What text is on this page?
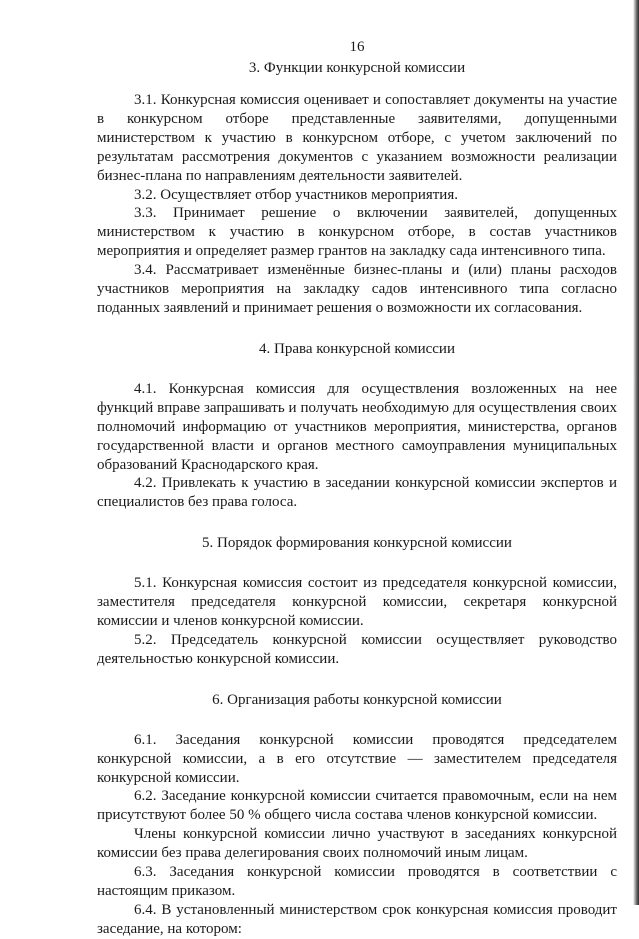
16
3. Функции конкурсной комиссии

3.1. Конкурсная комиссия оценивает и сопоставляет документы на участие в конкурсном отборе представленные заявителями, допущенными министерством к участию в конкурсном отборе, с учетом заключений по результатам рассмотрения документов с указанием возможности реализации бизнес-плана по направлениям деятельности заявителей.

3.2. Осуществляет отбор участников мероприятия.

3.3. Принимает решение о включении заявителей, допущенных министерством к участию в конкурсном отборе, в состав участников мероприятия и определяет размер грантов на закладку сада интенсивного типа.

3.4. Рассматривает изменённые бизнес-планы и (или) планы расходов участников мероприятия на закладку садов интенсивного типа согласно поданных заявлений и принимает решения о возможности их согласования.

4. Права конкурсной комиссии

4.1. Конкурсная комиссия для осуществления возложенных на нее функций вправе запрашивать и получать необходимую для осуществления своих полномочий информацию от участников мероприятия, министерства, органов государственной власти и органов местного самоуправления муниципальных образований Краснодарского края.

4.2. Привлекать к участию в заседании конкурсной комиссии экспертов и специалистов без права голоса.

5. Порядок формирования конкурсной комиссии

5.1. Конкурсная комиссия состоит из председателя конкурсной комиссии, заместителя председателя конкурсной комиссии, секретаря конкурсной комиссии и членов конкурсной комиссии.

5.2. Председатель конкурсной комиссии осуществляет руководство деятельностью конкурсной комиссии.

6. Организация работы конкурсной комиссии

6.1. Заседания конкурсной комиссии проводятся председателем конкурсной комиссии, а в его отсутствие — заместителем председателя конкурсной комиссии.

6.2. Заседание конкурсной комиссии считается правомочным, если на нем присутствуют более 50 % общего числа состава членов конкурсной комиссии.

Члены конкурсной комиссии лично участвуют в заседаниях конкурсной комиссии без права делегирования своих полномочий иным лицам.

6.3. Заседания конкурсной комиссии проводятся в соответствии с настоящим приказом.

6.4. В установленный министерством срок конкурсная комиссия проводит заседание, на котором:
